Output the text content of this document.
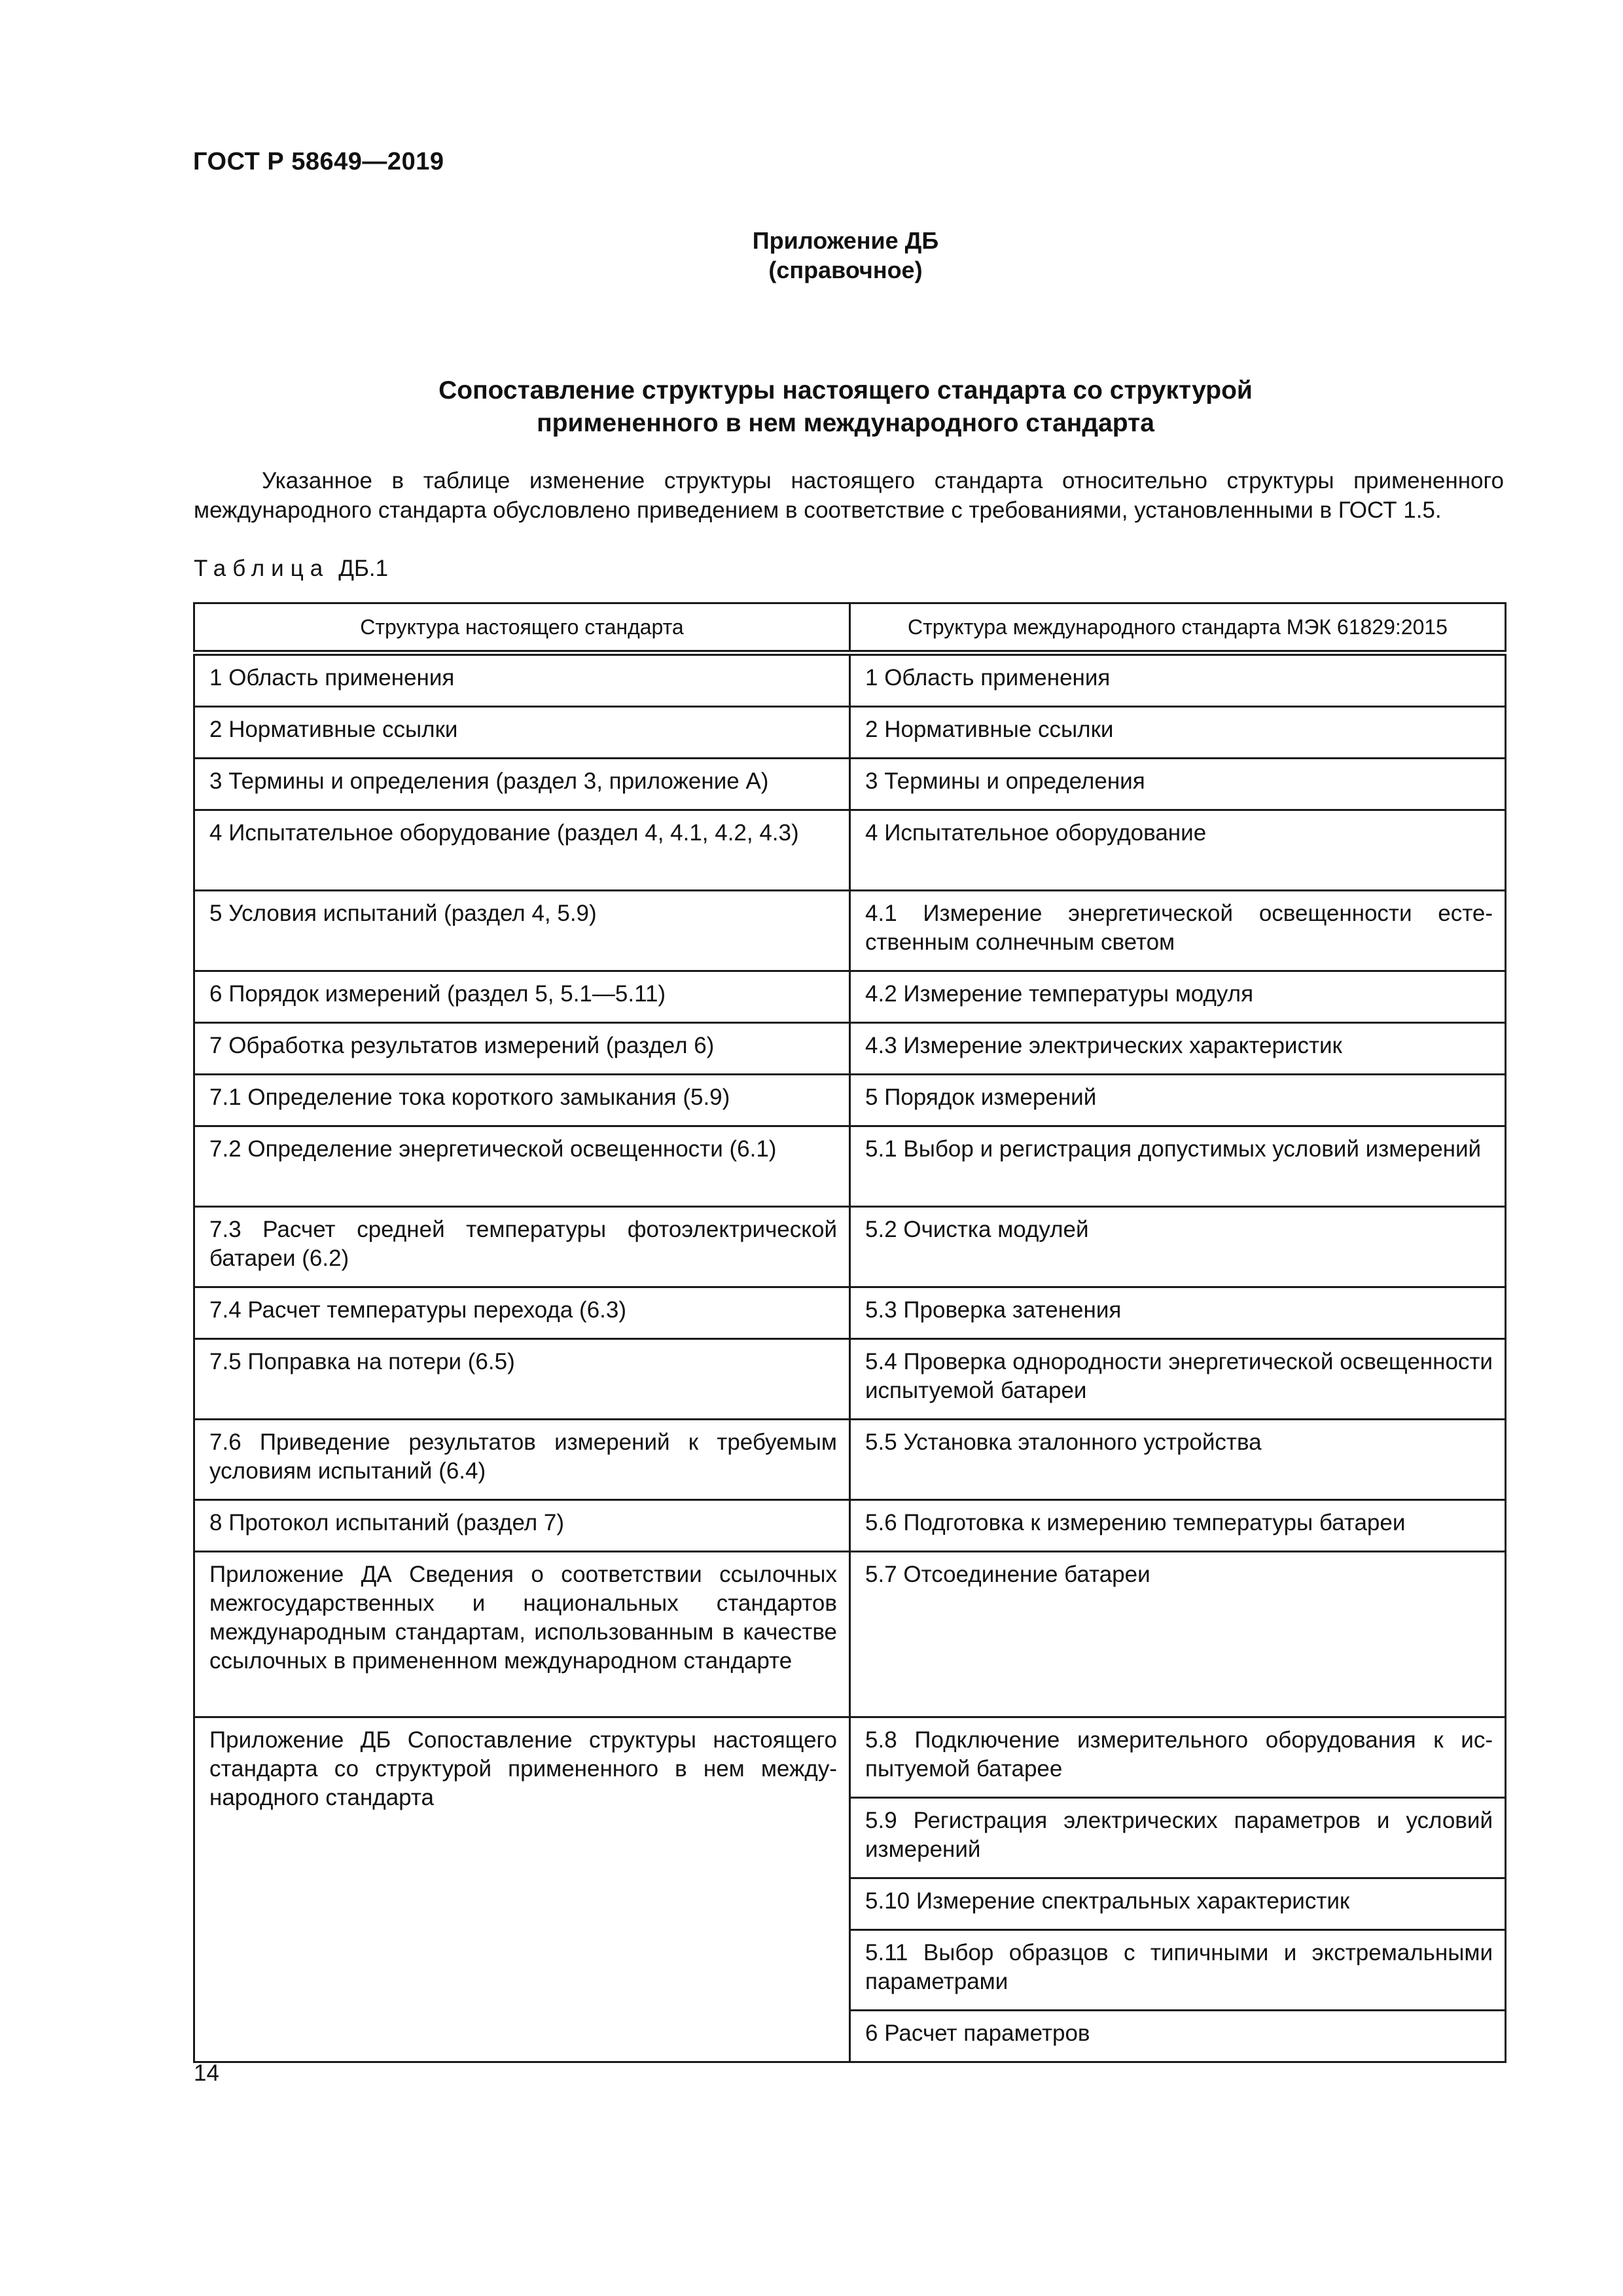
ГОСТ Р 58649—2019
Приложение ДБ
(справочное)
Сопоставление структуры настоящего стандарта со структурой
примененного в нем международного стандарта
Указанное в таблице изменение структуры настоящего стандарта относительно структуры примененного международного стандарта обусловлено приведением в соответствие с требованиями, установленными в ГОСТ 1.5.
Таблица ДБ.1
Структура настоящего стандарта	Структура международного стандарта МЭК 61829:2015
1 Область применения	1 Область применения
2 Нормативные ссылки	2 Нормативные ссылки
3 Термины и определения (раздел 3, приложение А)	3 Термины и определения
4 Испытательное оборудование (раздел 4, 4.1, 4.2, 4.3)	4 Испытательное оборудование
5 Условия испытаний (раздел 4, 5.9)	4.1 Измерение энергетической освещенности естественным солнечным светом
6 Порядок измерений (раздел 5, 5.1—5.11)	4.2 Измерение температуры модуля
7 Обработка результатов измерений (раздел 6)	4.3 Измерение электрических характеристик
7.1 Определение тока короткого замыкания (5.9)	5 Порядок измерений
7.2 Определение энергетической освещенности (6.1)	5.1 Выбор и регистрация допустимых условий измерений
7.3 Расчет средней температуры фотоэлектрической батареи (6.2)	5.2 Очистка модулей
7.4 Расчет температуры перехода (6.3)	5.3 Проверка затенения
7.5 Поправка на потери (6.5)	5.4 Проверка однородности энергетической освещенности испытуемой батареи
7.6 Приведение результатов измерений к требуемым условиям испытаний (6.4)	5.5 Установка эталонного устройства
8 Протокол испытаний (раздел 7)	5.6 Подготовка к измерению температуры батареи
Приложение ДА Сведения о соответствии ссылочных межгосударственных и национальных стандартов международным стандартам, использованным в качестве ссылочных в примененном международном стандарте	5.7 Отсоединение батареи
Приложение ДБ Сопоставление структуры настоящего стандарта со структурой примененного в нем международного стандарта	5.8 Подключение измерительного оборудования к испытуемой батарее
	5.9 Регистрация электрических параметров и условий измерений
	5.10 Измерение спектральных характеристик
	5.11 Выбор образцов с типичными и экстремальными параметрами
	6 Расчет параметров
14
